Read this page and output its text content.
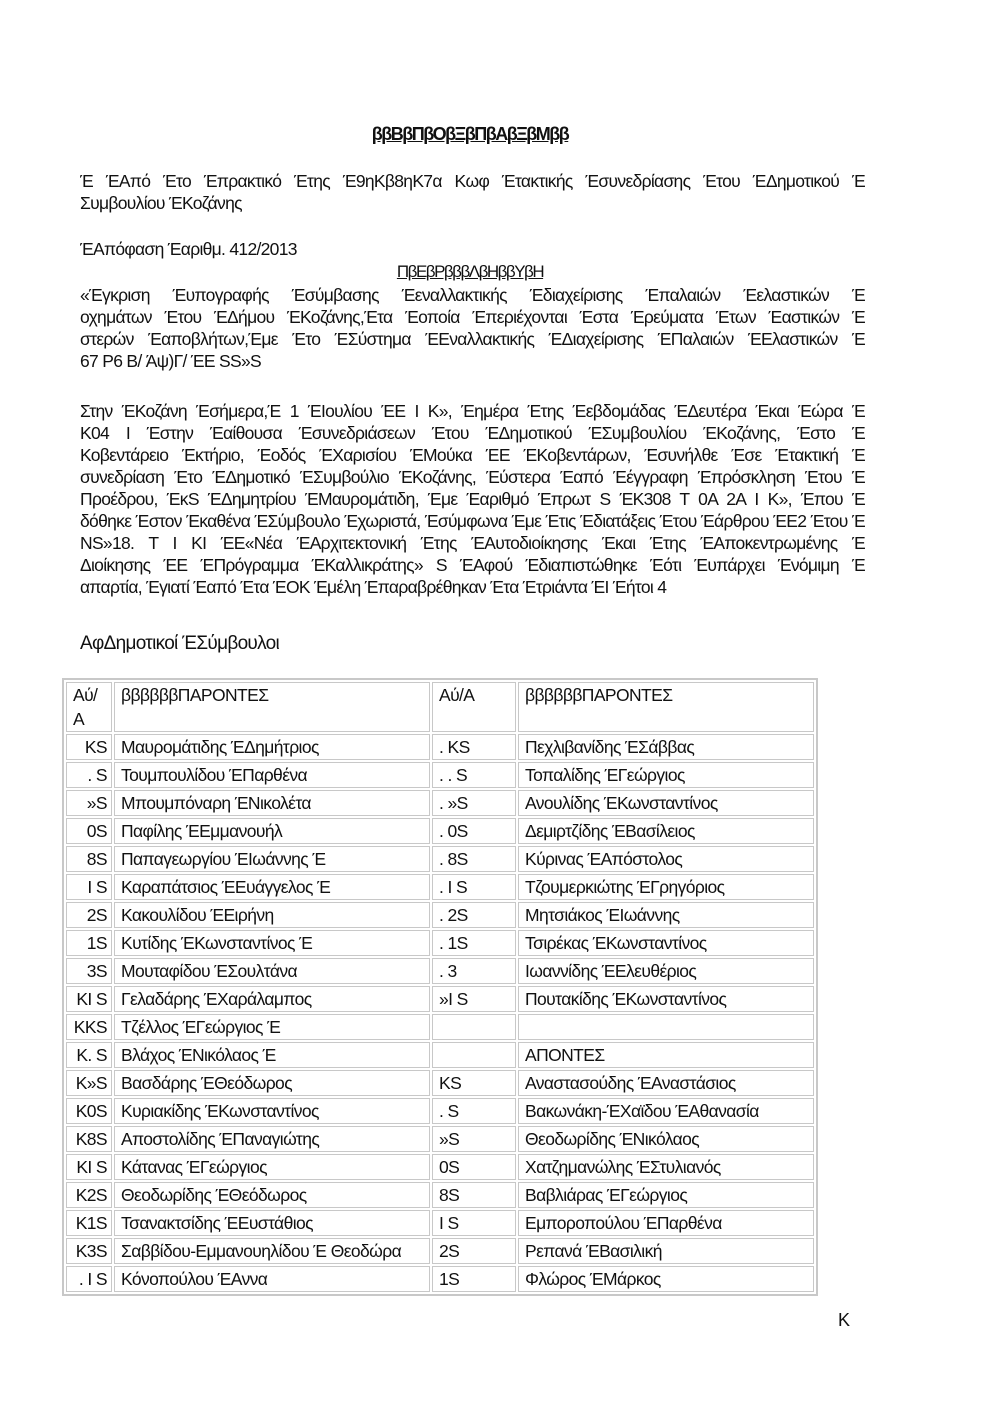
ββΒβΠβΟβΞβΠβΑβΞβΜββ
Έ ΈΑπό Έτο Έπρακτικό Έτης Έ9ηKβ8ηK7α Kωφ Έτακτικής Έσυνεδρίασης Έτου ΈΔημοτικού Έ
Συμβουλίου ΈΚοζάνης
ΈΑπόφαση Έαριθμ. 412/2013
ΠβΕβΡβββΛβΗββΥβΗ
«Έγκριση Έυπογραφής Έσύμβασης Έεναλλακτικής Έδιαχείρισης Έπαλαιών Έελαστικών Έ
οχημάτων Έτου ΈΔήμου ΈΚοζάνης,Έτα Έοποία Έπεριέχονται Έστα Έρεύματα Έτων Έαστικών Έ
στερών Έαποβλήτων,Έμε Έτο ΈΣύστημα ΈΕναλλακτικής ΈΔιαχείρισης ΈΠαλαιών ΈΕλαστικών Έ
67 P6 B/ Άψ)Γ/ ΈΕ SS»S
Στην ΈΚοζάνη Έσήμερα,Έ 1 ΈΙουλίου ΈΕ I K», Έημέρα Έτης Έεβδομάδας ΈΔευτέρα Έκαι Έώρα Έ
K04 I Έστην Έαίθουσα Έσυνεδριάσεων Έτου ΈΔημοτικού ΈΣυμβουλίου ΈΚοζάνης, Έστο Έ
Κοβεντάρειο Έκτήριο, Έοδός ΈΧαρισίου ΈΜούκα ΈΕ ΈΚοβεντάρων, Έσυνήλθε Έσε Έτακτική Έ
συνεδρίαση Έτο ΈΔημοτικό ΈΣυμβούλιο ΈΚοζάνης, Έύστερα Έαπό Έέγγραφη Έπρόσκληση Έτου Έ
Προέδρου, ΈκS ΈΔημητρίου ΈΜαυρομάτιδη, Έμε Έαριθμό Έπρωτ S ΈK308 T 0A 2A I K», Έπου Έ
δόθηκε Έστον Έκαθένα ΈΣύμβουλο Έχωριστά, Έσύμφωνα Έμε Έτις Έδιατάξεις Έτου Έάρθρου ΈΕ2 Έτου Έ
NS»18. T I KI ΈΕ«Νέα ΈΑρχιτεκτονική Έτης ΈΑυτοδιοίκησης Έκαι Έτης ΈΑποκεντρωμένης Έ
Διοίκησης ΈΕ ΈΠρόγραμμα ΈΚαλλικράτης» S ΈΑφού Έδιαπιστώθηκε Έότι Έυπάρχει Ένόμιμη Έ
απαρτία, Έγιατί Έαπό Έτα ΈΟΚ Έμέλη Έπαραβρέθηκαν Έτα Έτριάντα ΈI Έήτοι 4
ΑφΔημοτικοί ΈΣύμβουλοι
Αύ/Α	ββββββΠΑΡΟΝΤΕΣ	Αύ/Α	ββββββΠΑΡΟΝΤΕΣ
KS	Μαυρομάτιδης ΈΔημήτριος	. KS	Πεχλιβανίδης ΈΣάββας
. S	Τουμπουλίδου ΈΠαρθένα	. . S	Τοπαλίδης ΈΓεώργιος
»S	Μπουμπόναρη ΈΝικολέτα	. »S	Ανουλίδης ΈΚωνσταντίνος
0S	Παφίλης ΈΕμμανουήλ	. 0S	Δεμιρτζίδης ΈΒασίλειος
8S	Παπαγεωργίου ΈΙωάννης Έ	. 8S	Κύρινας ΈΑπόστολος
I S	Καραπάτσιος ΈΕυάγγελος Έ	. I S	Τζουμερκιώτης ΈΓρηγόριος
2S	Κακουλίδου ΈΕιρήνη	. 2S	Μητσιάκος ΈΙωάννης
1S	Κυτίδης ΈΚωνσταντίνος Έ	. 1S	Τσιρέκας ΈΚωνσταντίνος
3S	Μουταφίδου ΈΣουλτάνα	. 3	Ιωαννίδης ΈΕλευθέριος
KI S	Γελαδάρης ΈΧαράλαμπος	»I S	Πουτακίδης ΈΚωνσταντίνος
KKS	Τζέλλος ΈΓεώργιος Έ		
K. S	Βλάχος ΈΝικόλαος Έ		ΑΠΟΝΤΕΣ
K»S	Βασδάρης ΈΘεόδωρος	KS	Αναστασούδης ΈΑναστάσιος
K0S	Κυριακίδης ΈΚωνσταντίνος	. S	Βακωνάκη-ΈΧαϊδου ΈΑθανασία
K8S	Αποστολίδης ΈΠαναγιώτης	»S	Θεοδωρίδης ΈΝικόλαος
KI S	Κάτανας ΈΓεώργιος	0S	Χατζημανώλης ΈΣτυλιανός
K2S	Θεοδωρίδης ΈΘεόδωρος	8S	Βαβλιάρας ΈΓεώργιος
K1S	Τσανακτσίδης ΈΕυστάθιος	I S	Εμποροπούλου ΈΠαρθένα
K3S	Σαββίδου-Εμμανουηλίδου Έ Θεοδώρα	2S	Ρεπανά ΈΒασιλική
. I S	Κόνοπούλου ΈΑννα	1S	Φλώρος ΈΜάρκος
K
